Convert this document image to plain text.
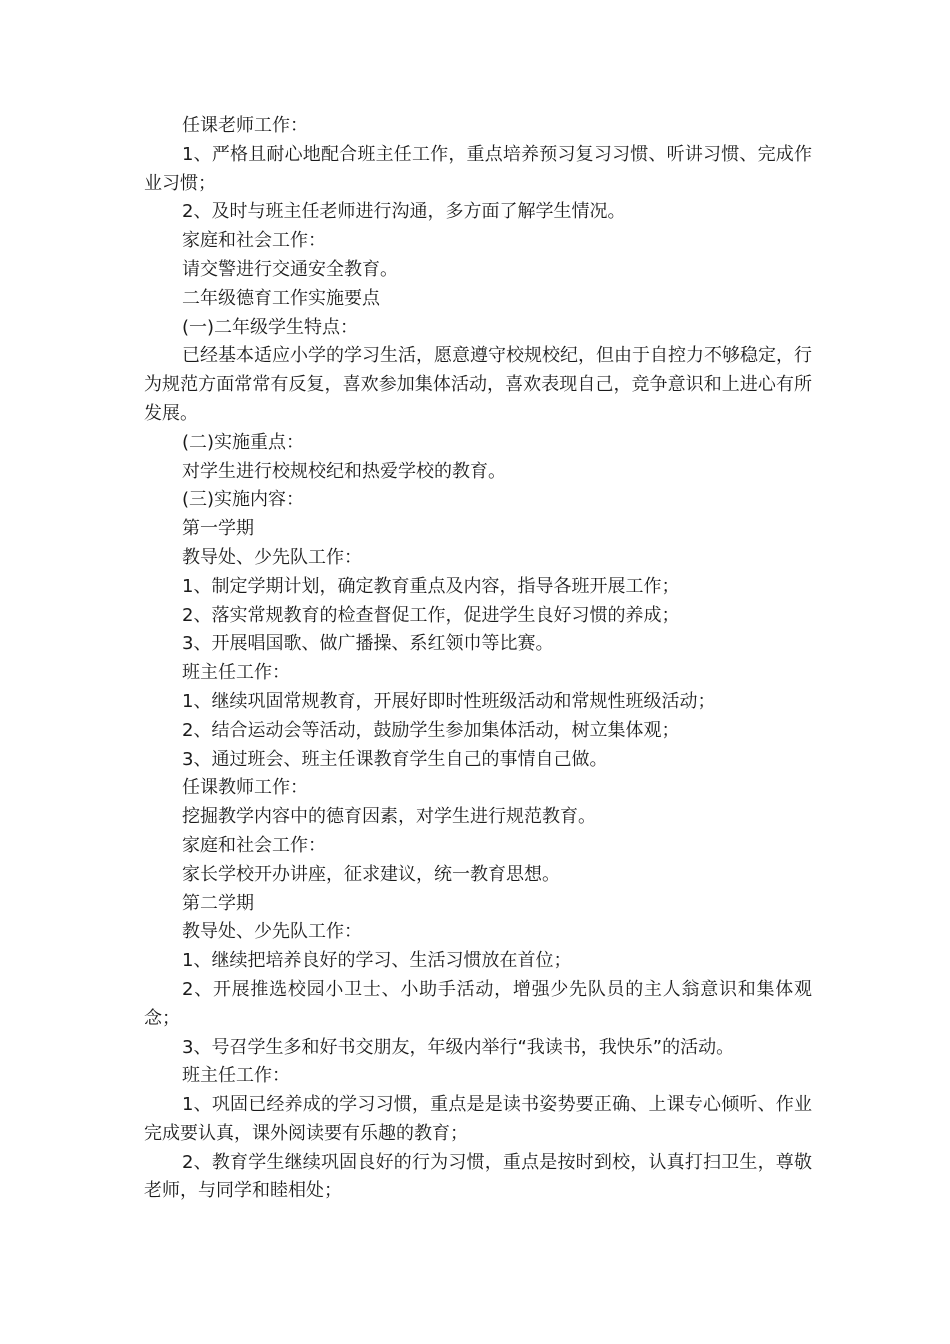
任课老师工作：

1、严格且耐心地配合班主任工作，重点培养预习复习习惯、听讲习惯、完成作业习惯；

2、及时与班主任老师进行沟通，多方面了解学生情况。

家庭和社会工作：

请交警进行交通安全教育。

二年级德育工作实施要点

(一)二年级学生特点：

已经基本适应小学的学习生活，愿意遵守校规校纪，但由于自控力不够稳定，行为规范方面常常有反复，喜欢参加集体活动，喜欢表现自己，竞争意识和上进心有所发展。

(二)实施重点：

对学生进行校规校纪和热爱学校的教育。

(三)实施内容：

第一学期

教导处、少先队工作：

1、制定学期计划，确定教育重点及内容，指导各班开展工作；

2、落实常规教育的检查督促工作，促进学生良好习惯的养成；

3、开展唱国歌、做广播操、系红领巾等比赛。

班主任工作：

1、继续巩固常规教育，开展好即时性班级活动和常规性班级活动；

2、结合运动会等活动，鼓励学生参加集体活动，树立集体观；

3、通过班会、班主任课教育学生自己的事情自己做。

任课教师工作：

挖掘教学内容中的德育因素，对学生进行规范教育。

家庭和社会工作：

家长学校开办讲座，征求建议，统一教育思想。

第二学期

教导处、少先队工作：

1、继续把培养良好的学习、生活习惯放在首位；

2、开展推选校园小卫士、小助手活动，增强少先队员的主人翁意识和集体观念；

3、号召学生多和好书交朋友，年级内举行“我读书，我快乐”的活动。

班主任工作：

1、巩固已经养成的学习习惯，重点是是读书姿势要正确、上课专心倾听、作业完成要认真，课外阅读要有乐趣的教育；

2、教育学生继续巩固良好的行为习惯，重点是按时到校，认真打扫卫生，尊敬老师，与同学和睦相处；
